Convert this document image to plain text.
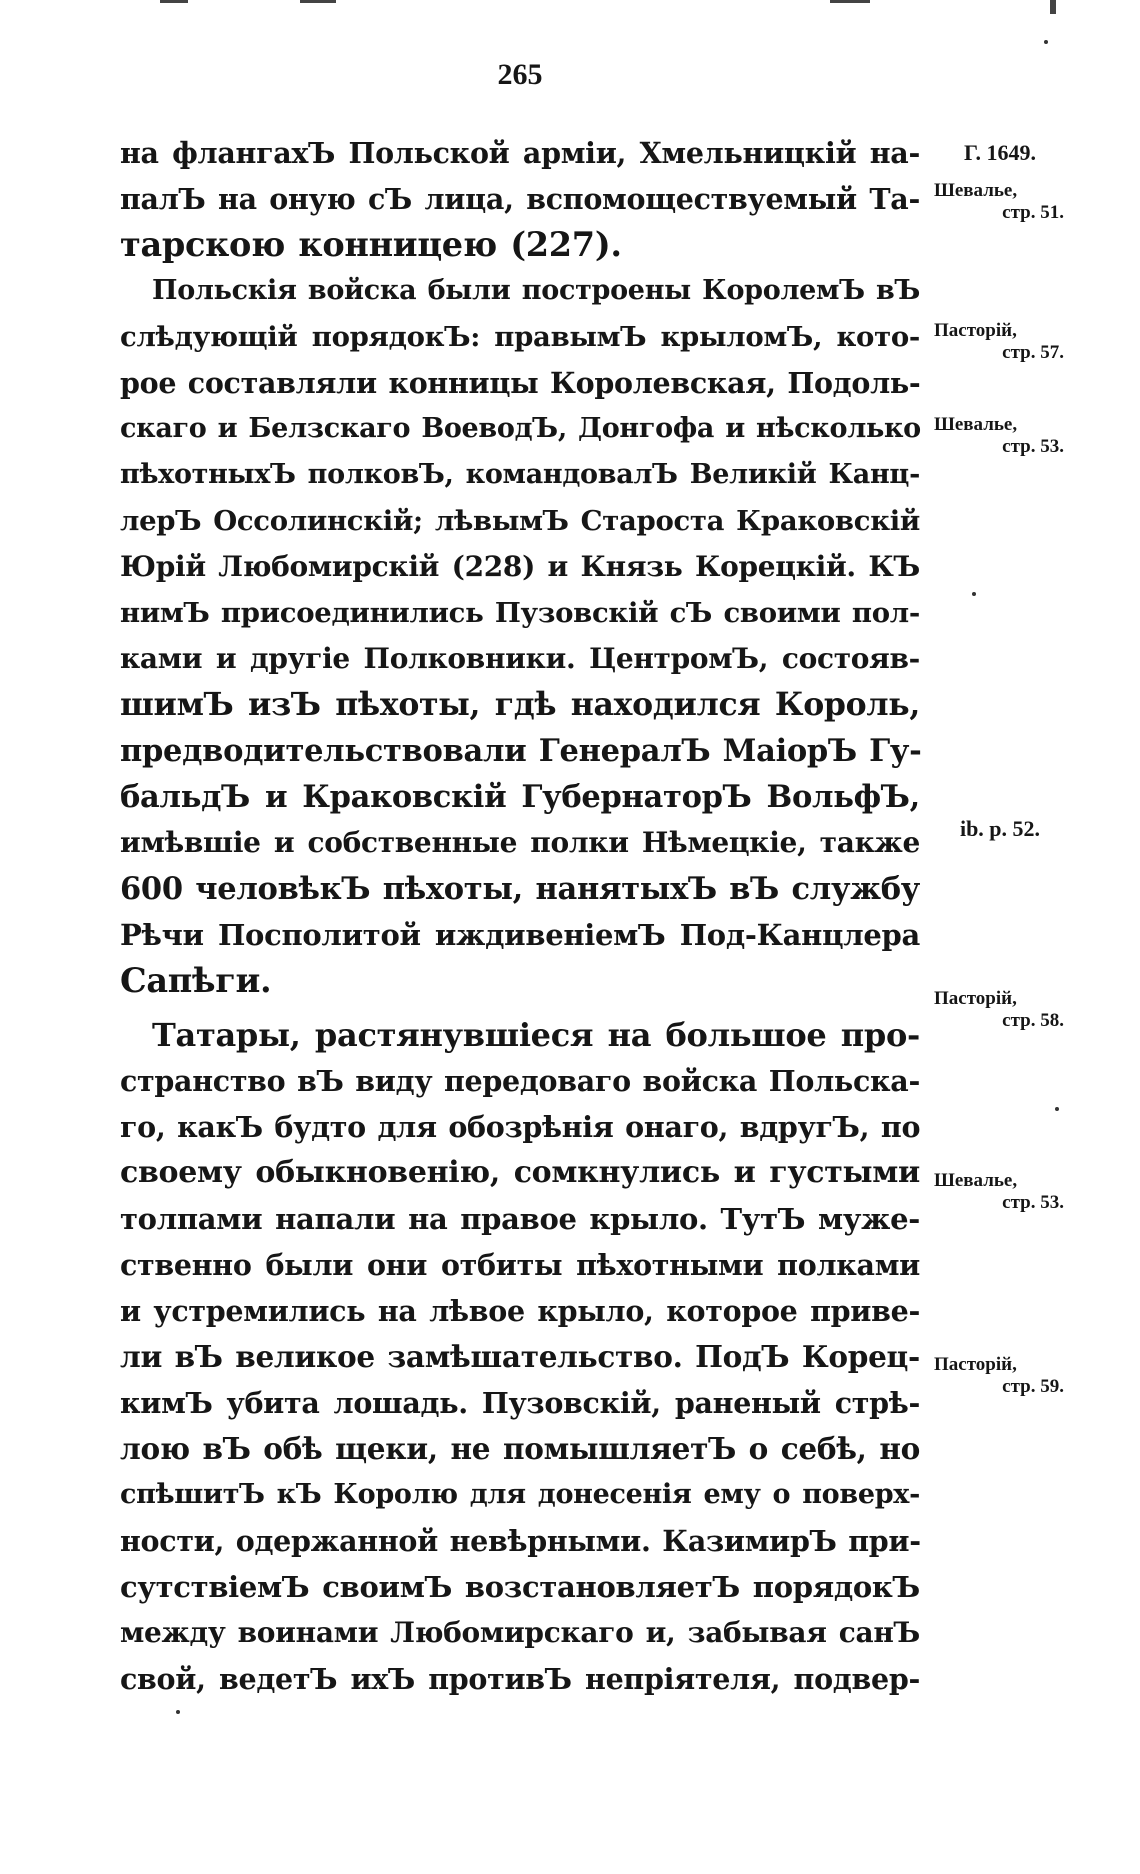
265
на флангахЪ Польской арміи, Хмельницкій на-
палЪ на оную сЪ лица, вспомоществуемый Та-
тарскою конницею (227).
Польскія войска были построены КоролемЪ вЪ
слѣдующій порядокЪ: правымЪ крыломЪ, кото-
рое составляли конницы Королевская, Подоль-
скаго и Белзскаго ВоеводЪ, Донгофа и нѣсколько
пѣхотныхЪ полковЪ, командовалЪ Великій Канц-
лерЪ Оссолинскій; лѣвымЪ Староста Краковскій
Юрій Любомирскій (228) и Князь Корецкій. КЪ
нимЪ присоединились Пузовскій сЪ своими пол-
ками и другіе Полковники. ЦентромЪ, состояв-
шимЪ изЪ пѣхоты, гдѣ находился Король,
предводительствовали ГенералЪ МаіорЪ Гу-
бальдЪ и Краковскій ГубернаторЪ ВольфЪ,
имѣвшіе и собственные полки Нѣмецкіе, также
600 человѣкЪ пѣхоты, нанятыхЪ вЪ службу
Рѣчи Посполитой иждивеніемЪ Под-Канцлера
Сапѣги.
Татары, растянувшіеся на большое про-
странство вЪ виду передоваго войска Польска-
го, какЪ будто для обозрѣнія онаго, вдругЪ, по
своему обыкновенію, сомкнулись и густыми
толпами напали на правое крыло. ТутЪ муже-
ственно были они отбиты пѣхотными полками
и устремились на лѣвое крыло, которое приве-
ли вЪ великое замѣшательство. ПодЪ Корец-
кимЪ убита лошадь. Пузовскій, раненый стрѣ-
лою вЪ обѣ щеки, не помышляетЪ о себѣ, но
спѣшитЪ кЪ Королю для донесенія ему о поверх-
ности, одержанной невѣрными. КазимирЪ при-
сутствіемЪ своимЪ возстановляетЪ порядокЪ
между воинами Любомирскаго и, забывая санЪ
свой, ведетЪ ихЪ противЪ непріятеля, подвер-
Г. 1649.
Шевалье,
стр. 51.
Пасторій,
стр. 57.
Шевалье,
стр. 53.
ib. p. 52.
Пасторій,
стр. 58.
Шевалье,
стр. 53.
Пасторій,
стр. 59.
